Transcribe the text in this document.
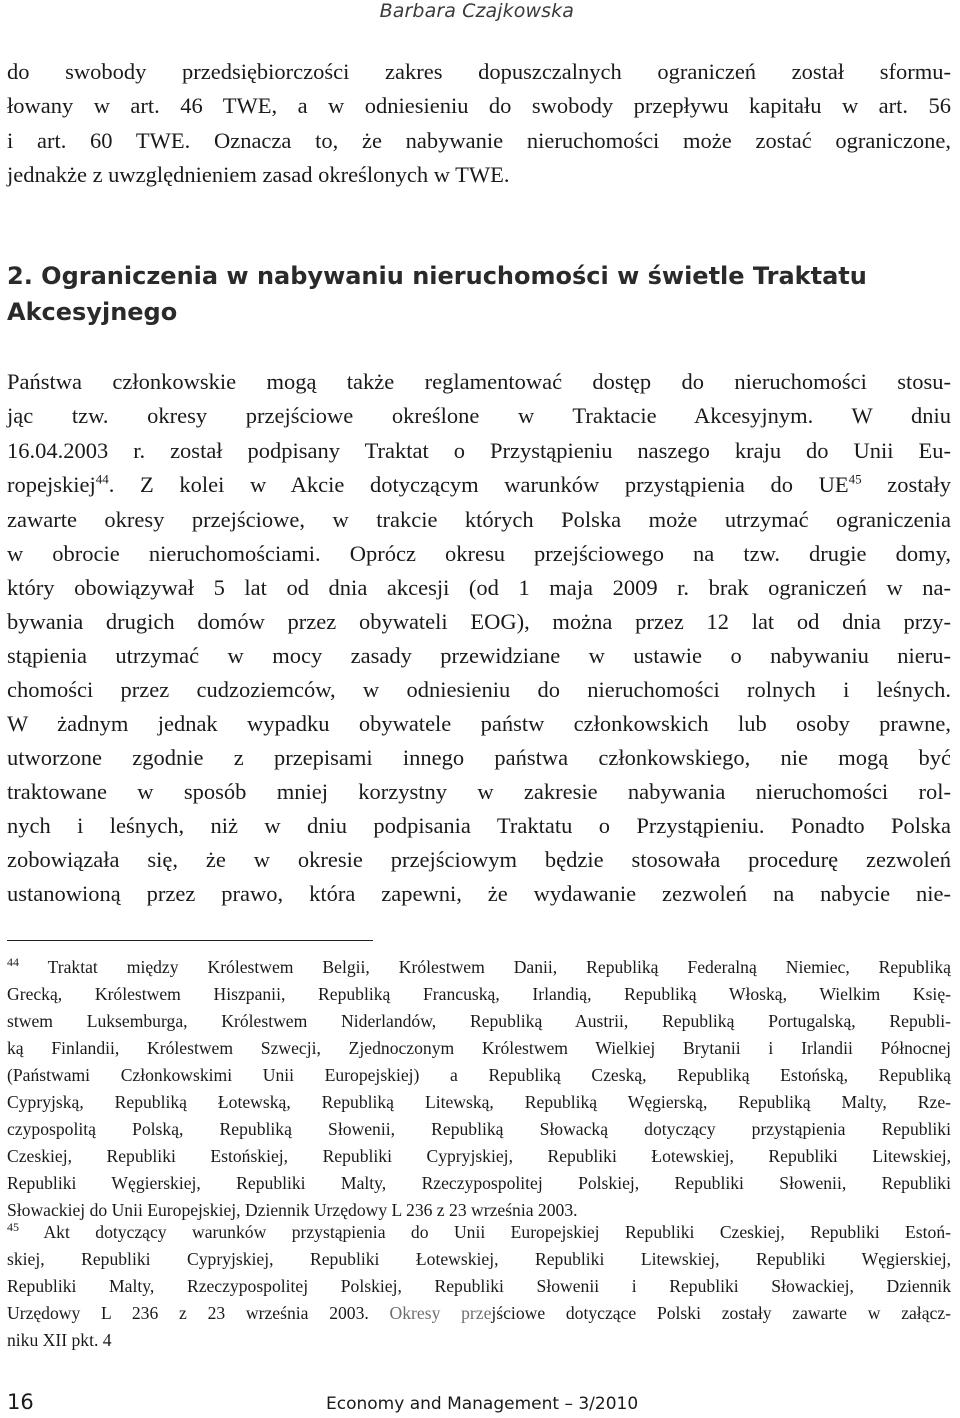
Barbara Czajkowska
do swobody przedsiębiorczości zakres dopuszczalnych ograniczeń został sformu-
łowany w art. 46 TWE, a w odniesieniu do swobody przepływu kapitału w art. 56
i art. 60 TWE. Oznacza to, że nabywanie nieruchomości może zostać ograniczone,
jednakże z uwzględnieniem zasad określonych w TWE.
2. Ograniczenia w nabywaniu nieruchomości w świetle Traktatu
Akcesyjnego
Państwa członkowskie mogą także reglamentować dostęp do nieruchomości stosu-
jąc tzw. okresy przejściowe określone w Traktacie Akcesyjnym. W dniu
16.04.2003 r. został podpisany Traktat o Przystąpieniu naszego kraju do Unii Eu-
ropejskiej$^{44}$. Z kolei w Akcie dotyczącym warunków przystąpienia do UE$^{45}$ zostały
zawarte okresy przejściowe, w trakcie których Polska może utrzymać ograniczenia
w obrocie nieruchomościami. Oprócz okresu przejściowego na tzw. drugie domy,
który obowiązywał 5 lat od dnia akcesji (od 1 maja 2009 r. brak ograniczeń w na-
bywania drugich domów przez obywateli EOG), można przez 12 lat od dnia przy-
stąpienia utrzymać w mocy zasady przewidziane w ustawie o nabywaniu nieru-
chomości przez cudzoziemców, w odniesieniu do nieruchomości rolnych i leśnych.
W żadnym jednak wypadku obywatele państw członkowskich lub osoby prawne,
utworzone zgodnie z przepisami innego państwa członkowskiego, nie mogą być
traktowane w sposób mniej korzystny w zakresie nabywania nieruchomości rol-
nych i leśnych, niż w dniu podpisania Traktatu o Przystąpieniu. Ponadto Polska
zobowiązała się, że w okresie przejściowym będzie stosowała procedurę zezwoleń
ustanowioną przez prawo, która zapewni, że wydawanie zezwoleń na nabycie nie-
$^{44}$ Traktat między Królestwem Belgii, Królestwem Danii, Republiką Federalną Niemiec, Republiką
Grecką, Królestwem Hiszpanii, Republiką Francuską, Irlandią, Republiką Włoską, Wielkim Księ-
stwem Luksemburga, Królestwem Niderlandów, Republiką Austrii, Republiką Portugalską, Republi-
ką Finlandii, Królestwem Szwecji, Zjednoczonym Królestwem Wielkiej Brytanii i Irlandii Północnej
(Państwami Członkowskimi Unii Europejskiej) a Republiką Czeską, Republiką Estońską, Republiką
Cypryjską, Republiką Łotewską, Republiką Litewską, Republiką Węgierską, Republiką Malty, Rze-
czypospolitą Polską, Republiką Słowenii, Republiką Słowacką dotyczący przystąpienia Republiki
Czeskiej, Republiki Estońskiej, Republiki Cypryjskiej, Republiki Łotewskiej, Republiki Litewskiej,
Republiki Węgierskiej, Republiki Malty, Rzeczypospolitej Polskiej, Republiki Słowenii, Republiki
Słowackiej do Unii Europejskiej, Dziennik Urzędowy L 236 z 23 września 2003.
$^{45}$ Akt dotyczący warunków przystąpienia do Unii Europejskiej Republiki Czeskiej, Republiki Estoń-
skiej, Republiki Cypryjskiej, Republiki Łotewskiej, Republiki Litewskiej, Republiki Węgierskiej,
Republiki Malty, Rzeczypospolitej Polskiej, Republiki Słowenii i Republiki Słowackiej, Dziennik
Urzędowy L 236 z 23 września 2003. Okresy przejściowe dotyczące Polski zostały zawarte w załącz-
niku XII pkt. 4
16	Economy and Management – 3/2010
